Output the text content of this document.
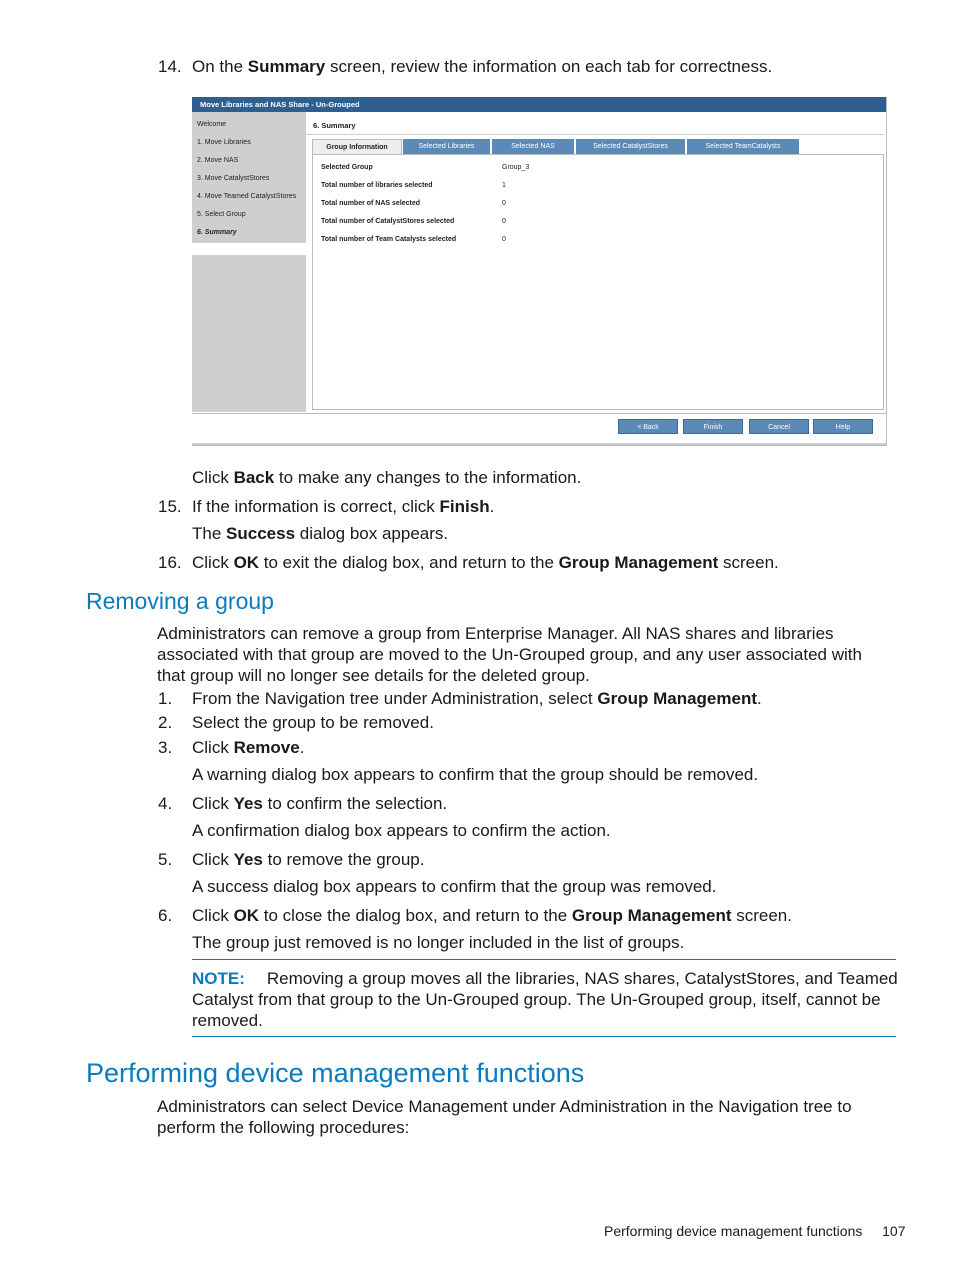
14. On the Summary screen, review the information on each tab for correctness.
Move Libraries and NAS Share - Un-Grouped
Welcome
1. Move Libraries
2. Move NAS
3. Move CatalystStores
4. Move Teamed CatalystStores
5. Select Group
6. Summary
6. Summary
Group Information	Selected Libraries	Selected NAS	Selected CatalystStores	Selected TeamCatalysts
Selected Group	Group_3
Total number of libraries selected	1
Total number of NAS selected	0
Total number of CatalystStores selected	0
Total number of Team Catalysts selected	0
< Back	Finish	Cancel	Help
Click Back to make any changes to the information.
15. If the information is correct, click Finish.
The Success dialog box appears.
16. Click OK to exit the dialog box, and return to the Group Management screen.
Removing a group
Administrators can remove a group from Enterprise Manager. All NAS shares and libraries
associated with that group are moved to the Un-Grouped group, and any user associated with
that group will no longer see details for the deleted group.
1. From the Navigation tree under Administration, select Group Management.
2. Select the group to be removed.
3. Click Remove.
A warning dialog box appears to confirm that the group should be removed.
4. Click Yes to confirm the selection.
A confirmation dialog box appears to confirm the action.
5. Click Yes to remove the group.
A success dialog box appears to confirm that the group was removed.
6. Click OK to close the dialog box, and return to the Group Management screen.
The group just removed is no longer included in the list of groups.
NOTE: Removing a group moves all the libraries, NAS shares, CatalystStores, and Teamed
Catalyst from that group to the Un-Grouped group. The Un-Grouped group, itself, cannot be
removed.
Performing device management functions
Administrators can select Device Management under Administration in the Navigation tree to
perform the following procedures:
Performing device management functions 107
